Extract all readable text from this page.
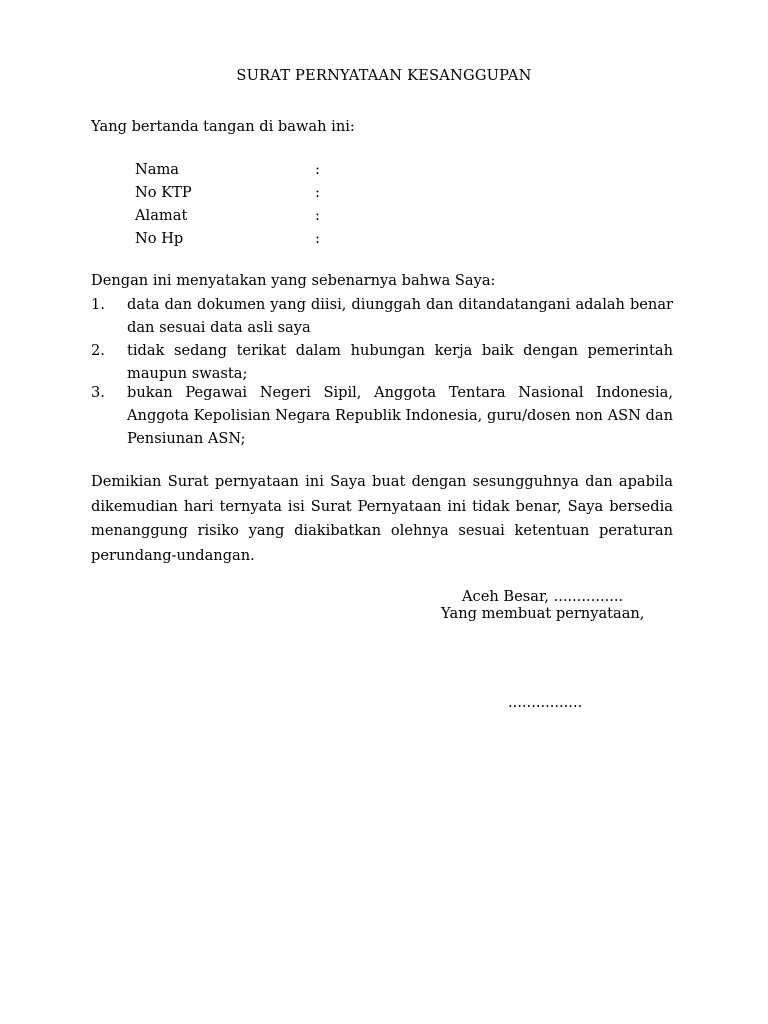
SURAT PERNYATAAN KESANGGUPAN
Yang bertanda tangan di bawah ini:
Nama	:
No KTP	:
Alamat	:
No Hp	:
Dengan ini menyatakan yang sebenarnya bahwa Saya:
1. data dan dokumen yang diisi, diunggah dan ditandatangani adalah benar dan sesuai data asli saya
2. tidak sedang terikat dalam hubungan kerja baik dengan pemerintah maupun swasta;
3. bukan Pegawai Negeri Sipil, Anggota Tentara Nasional Indonesia, Anggota Kepolisian Negara Republik Indonesia, guru/dosen non ASN dan Pensiunan ASN;
Demikian Surat pernyataan ini Saya buat dengan sesungguhnya dan apabila dikemudian hari ternyata isi Surat Pernyataan ini tidak benar, Saya bersedia menanggung risiko yang diakibatkan olehnya sesuai ketentuan peraturan perundang-undangan.
Aceh Besar, ...............
Yang membuat pernyataan,
................
